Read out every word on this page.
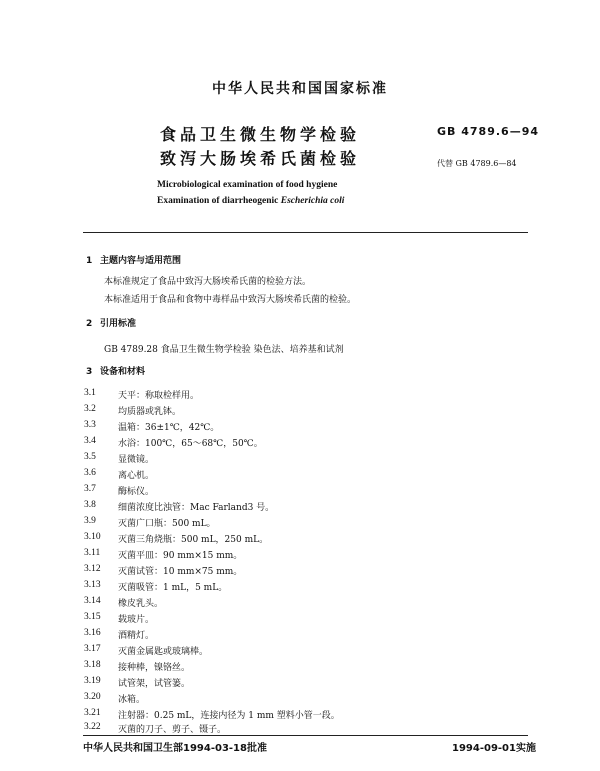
中华人民共和国国家标准
食品卫生微生物学检验
致泻大肠埃希氏菌检验
GB 4789.6—94
代替 GB 4789.6—84
Microbiological examination of food hygiene
Examination of diarrheogenic Escherichia coli
1 主题内容与适用范围
本标准规定了食品中致泻大肠埃希氏菌的检验方法。
本标准适用于食品和食物中毒样品中致泻大肠埃希氏菌的检验。
2 引用标准
GB 4789.28 食品卫生微生物学检验 染色法、培养基和试剂
3 设备和材料
3.1 天平：称取检样用。
3.2 均质器或乳钵。
3.3 温箱：36±1℃，42℃。
3.4 水浴：100℃，65～68℃，50℃。
3.5 显微镜。
3.6 离心机。
3.7 酶标仪。
3.8 细菌浓度比浊管：Mac Farland3 号。
3.9 灭菌广口瓶：500 mL。
3.10 灭菌三角烧瓶：500 mL，250 mL。
3.11 灭菌平皿：90 mm×15 mm。
3.12 灭菌试管：10 mm×75 mm。
3.13 灭菌吸管：1 mL，5 mL。
3.14 橡皮乳头。
3.15 载玻片。
3.16 酒精灯。
3.17 灭菌金属匙或玻璃棒。
3.18 接种棒，镍铬丝。
3.19 试管架，试管篓。
3.20 冰箱。
3.21 注射器：0.25 mL，连接内径为 1 mm 塑料小管一段。
3.22 灭菌的刀子、剪子、镊子。
中华人民共和国卫生部1994-03-18批准	1994-09-01实施
